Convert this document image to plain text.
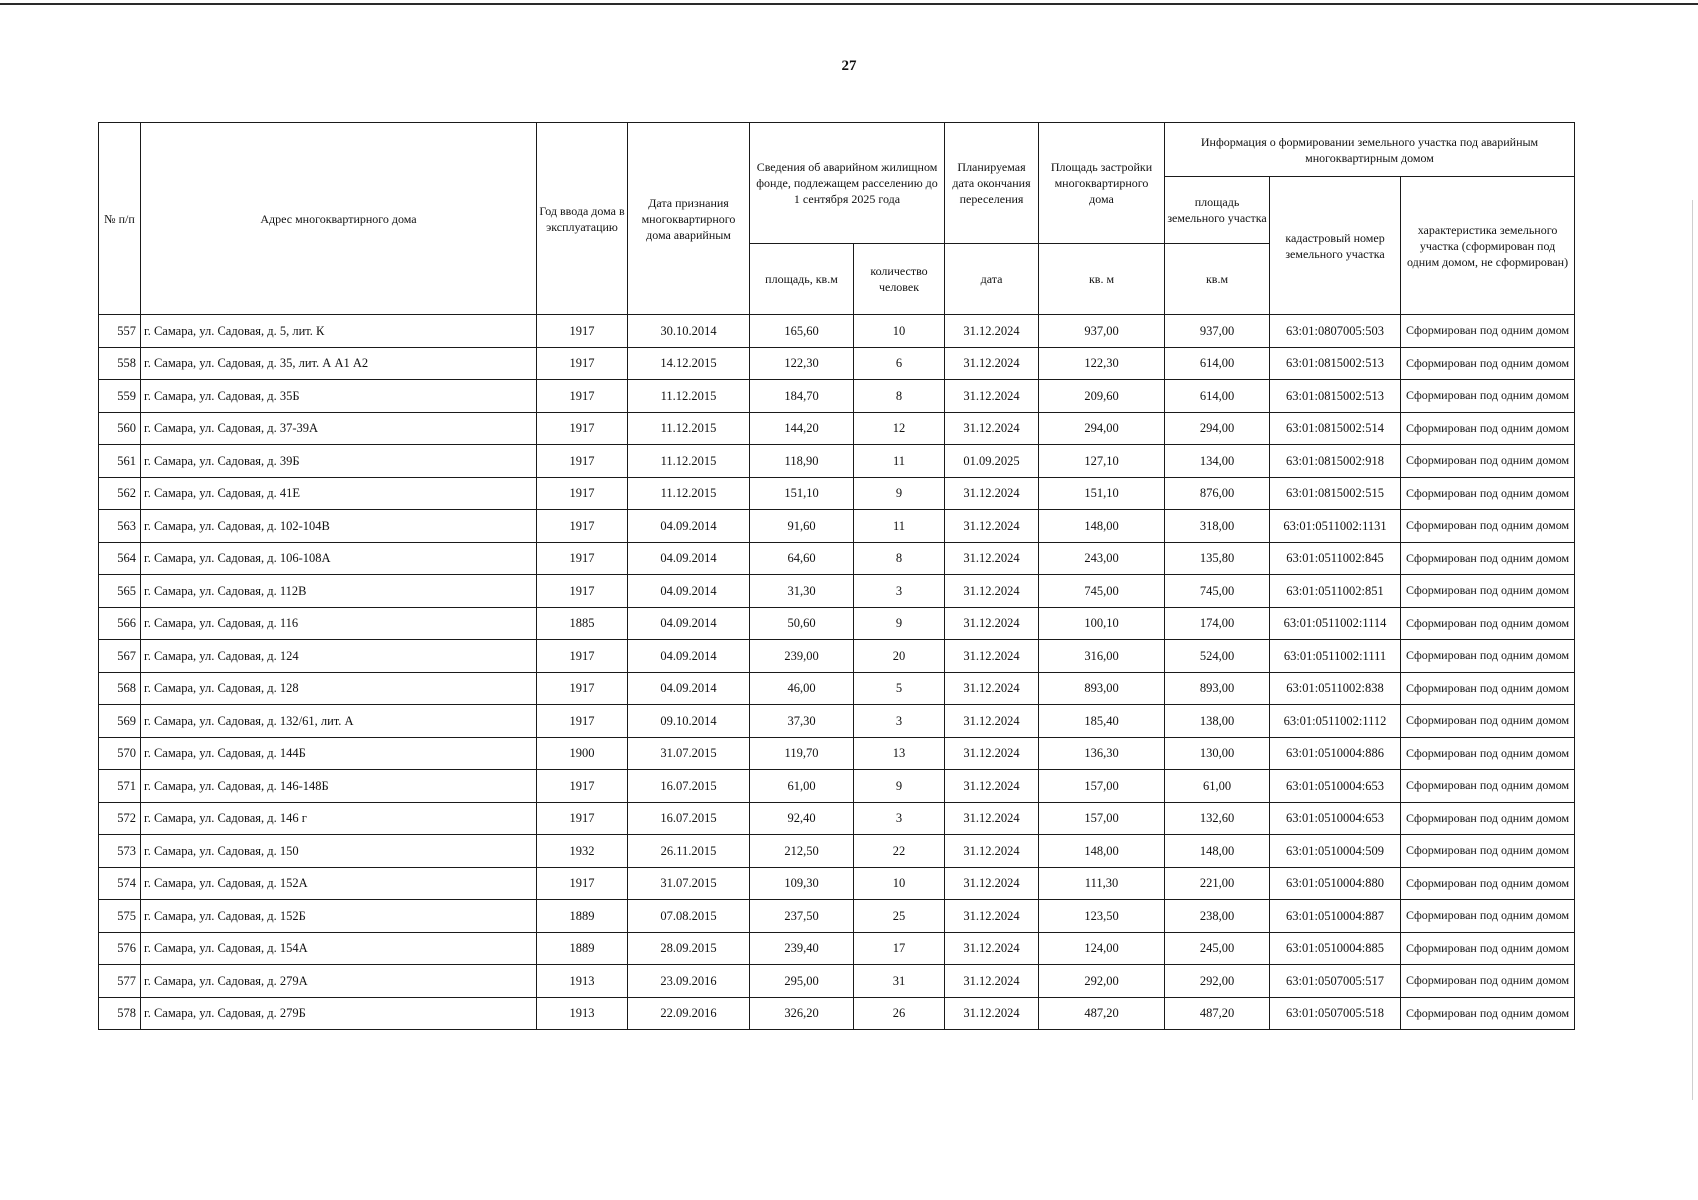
27
№ п/п	Адрес многоквартирного дома	Год ввода дома в эксплуатацию	Дата признания многоквартирного дома аварийным	Сведения об аварийном жилищном фонде, подлежащем расселению до 1 сентября 2025 года		Планируемая дата окончания переселения	Площадь застройки многоквартирного дома	Информация о формировании земельного участка под аварийным многоквартирным домом		
								площадь земельного участка	кадастровый номер земельного участка	характеристика земельного участка (сформирован под одним домом, не сформирован)
				площадь, кв.м	количество человек	дата	кв. м	кв.м		
557	г. Самара, ул. Садовая, д. 5, лит. К	1917	30.10.2014	165,60	10	31.12.2024	937,00	937,00	63:01:0807005:503	Сформирован под одним домом
558	г. Самара, ул. Садовая, д. 35, лит. А А1 А2	1917	14.12.2015	122,30	6	31.12.2024	122,30	614,00	63:01:0815002:513	Сформирован под одним домом
559	г. Самара, ул. Садовая, д. 35Б	1917	11.12.2015	184,70	8	31.12.2024	209,60	614,00	63:01:0815002:513	Сформирован под одним домом
560	г. Самара, ул. Садовая, д. 37-39А	1917	11.12.2015	144,20	12	31.12.2024	294,00	294,00	63:01:0815002:514	Сформирован под одним домом
561	г. Самара, ул. Садовая, д. 39Б	1917	11.12.2015	118,90	11	01.09.2025	127,10	134,00	63:01:0815002:918	Сформирован под одним домом
562	г. Самара, ул. Садовая, д. 41Е	1917	11.12.2015	151,10	9	31.12.2024	151,10	876,00	63:01:0815002:515	Сформирован под одним домом
563	г. Самара, ул. Садовая, д. 102-104В	1917	04.09.2014	91,60	11	31.12.2024	148,00	318,00	63:01:0511002:1131	Сформирован под одним домом
564	г. Самара, ул. Садовая, д. 106-108А	1917	04.09.2014	64,60	8	31.12.2024	243,00	135,80	63:01:0511002:845	Сформирован под одним домом
565	г. Самара, ул. Садовая, д. 112В	1917	04.09.2014	31,30	3	31.12.2024	745,00	745,00	63:01:0511002:851	Сформирован под одним домом
566	г. Самара, ул. Садовая, д. 116	1885	04.09.2014	50,60	9	31.12.2024	100,10	174,00	63:01:0511002:1114	Сформирован под одним домом
567	г. Самара, ул. Садовая, д. 124	1917	04.09.2014	239,00	20	31.12.2024	316,00	524,00	63:01:0511002:1111	Сформирован под одним домом
568	г. Самара, ул. Садовая, д. 128	1917	04.09.2014	46,00	5	31.12.2024	893,00	893,00	63:01:0511002:838	Сформирован под одним домом
569	г. Самара, ул. Садовая, д. 132/61, лит. А	1917	09.10.2014	37,30	3	31.12.2024	185,40	138,00	63:01:0511002:1112	Сформирован под одним домом
570	г. Самара, ул. Садовая, д. 144Б	1900	31.07.2015	119,70	13	31.12.2024	136,30	130,00	63:01:0510004:886	Сформирован под одним домом
571	г. Самара, ул. Садовая, д. 146-148Б	1917	16.07.2015	61,00	9	31.12.2024	157,00	61,00	63:01:0510004:653	Сформирован под одним домом
572	г. Самара, ул. Садовая, д. 146 г	1917	16.07.2015	92,40	3	31.12.2024	157,00	132,60	63:01:0510004:653	Сформирован под одним домом
573	г. Самара, ул. Садовая, д. 150	1932	26.11.2015	212,50	22	31.12.2024	148,00	148,00	63:01:0510004:509	Сформирован под одним домом
574	г. Самара, ул. Садовая, д. 152А	1917	31.07.2015	109,30	10	31.12.2024	111,30	221,00	63:01:0510004:880	Сформирован под одним домом
575	г. Самара, ул. Садовая, д. 152Б	1889	07.08.2015	237,50	25	31.12.2024	123,50	238,00	63:01:0510004:887	Сформирован под одним домом
576	г. Самара, ул. Садовая, д. 154А	1889	28.09.2015	239,40	17	31.12.2024	124,00	245,00	63:01:0510004:885	Сформирован под одним домом
577	г. Самара, ул. Садовая, д. 279А	1913	23.09.2016	295,00	31	31.12.2024	292,00	292,00	63:01:0507005:517	Сформирован под одним домом
578	г. Самара, ул. Садовая, д. 279Б	1913	22.09.2016	326,20	26	31.12.2024	487,20	487,20	63:01:0507005:518	Сформирован под одним домом
